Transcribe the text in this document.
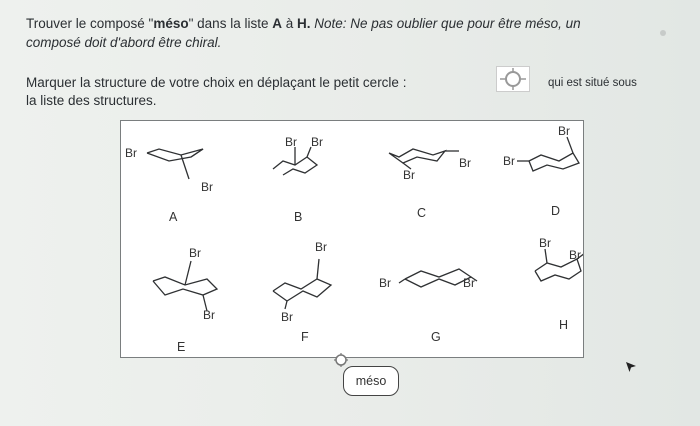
Trouver le composé "méso" dans la liste A à H. Note: Ne pas oublier que pour être méso, un
composé doit d'abord être chiral.
Marquer la structure de votre choix en déplaçant le petit cercle :	qui est situé sous
la liste des structures.
Br
Br
A
Br Br
B
Br
Br
C
Br
Br
D
Br
Br
E
Br
Br
F
Br	Br
G
Br
Br
H
méso
